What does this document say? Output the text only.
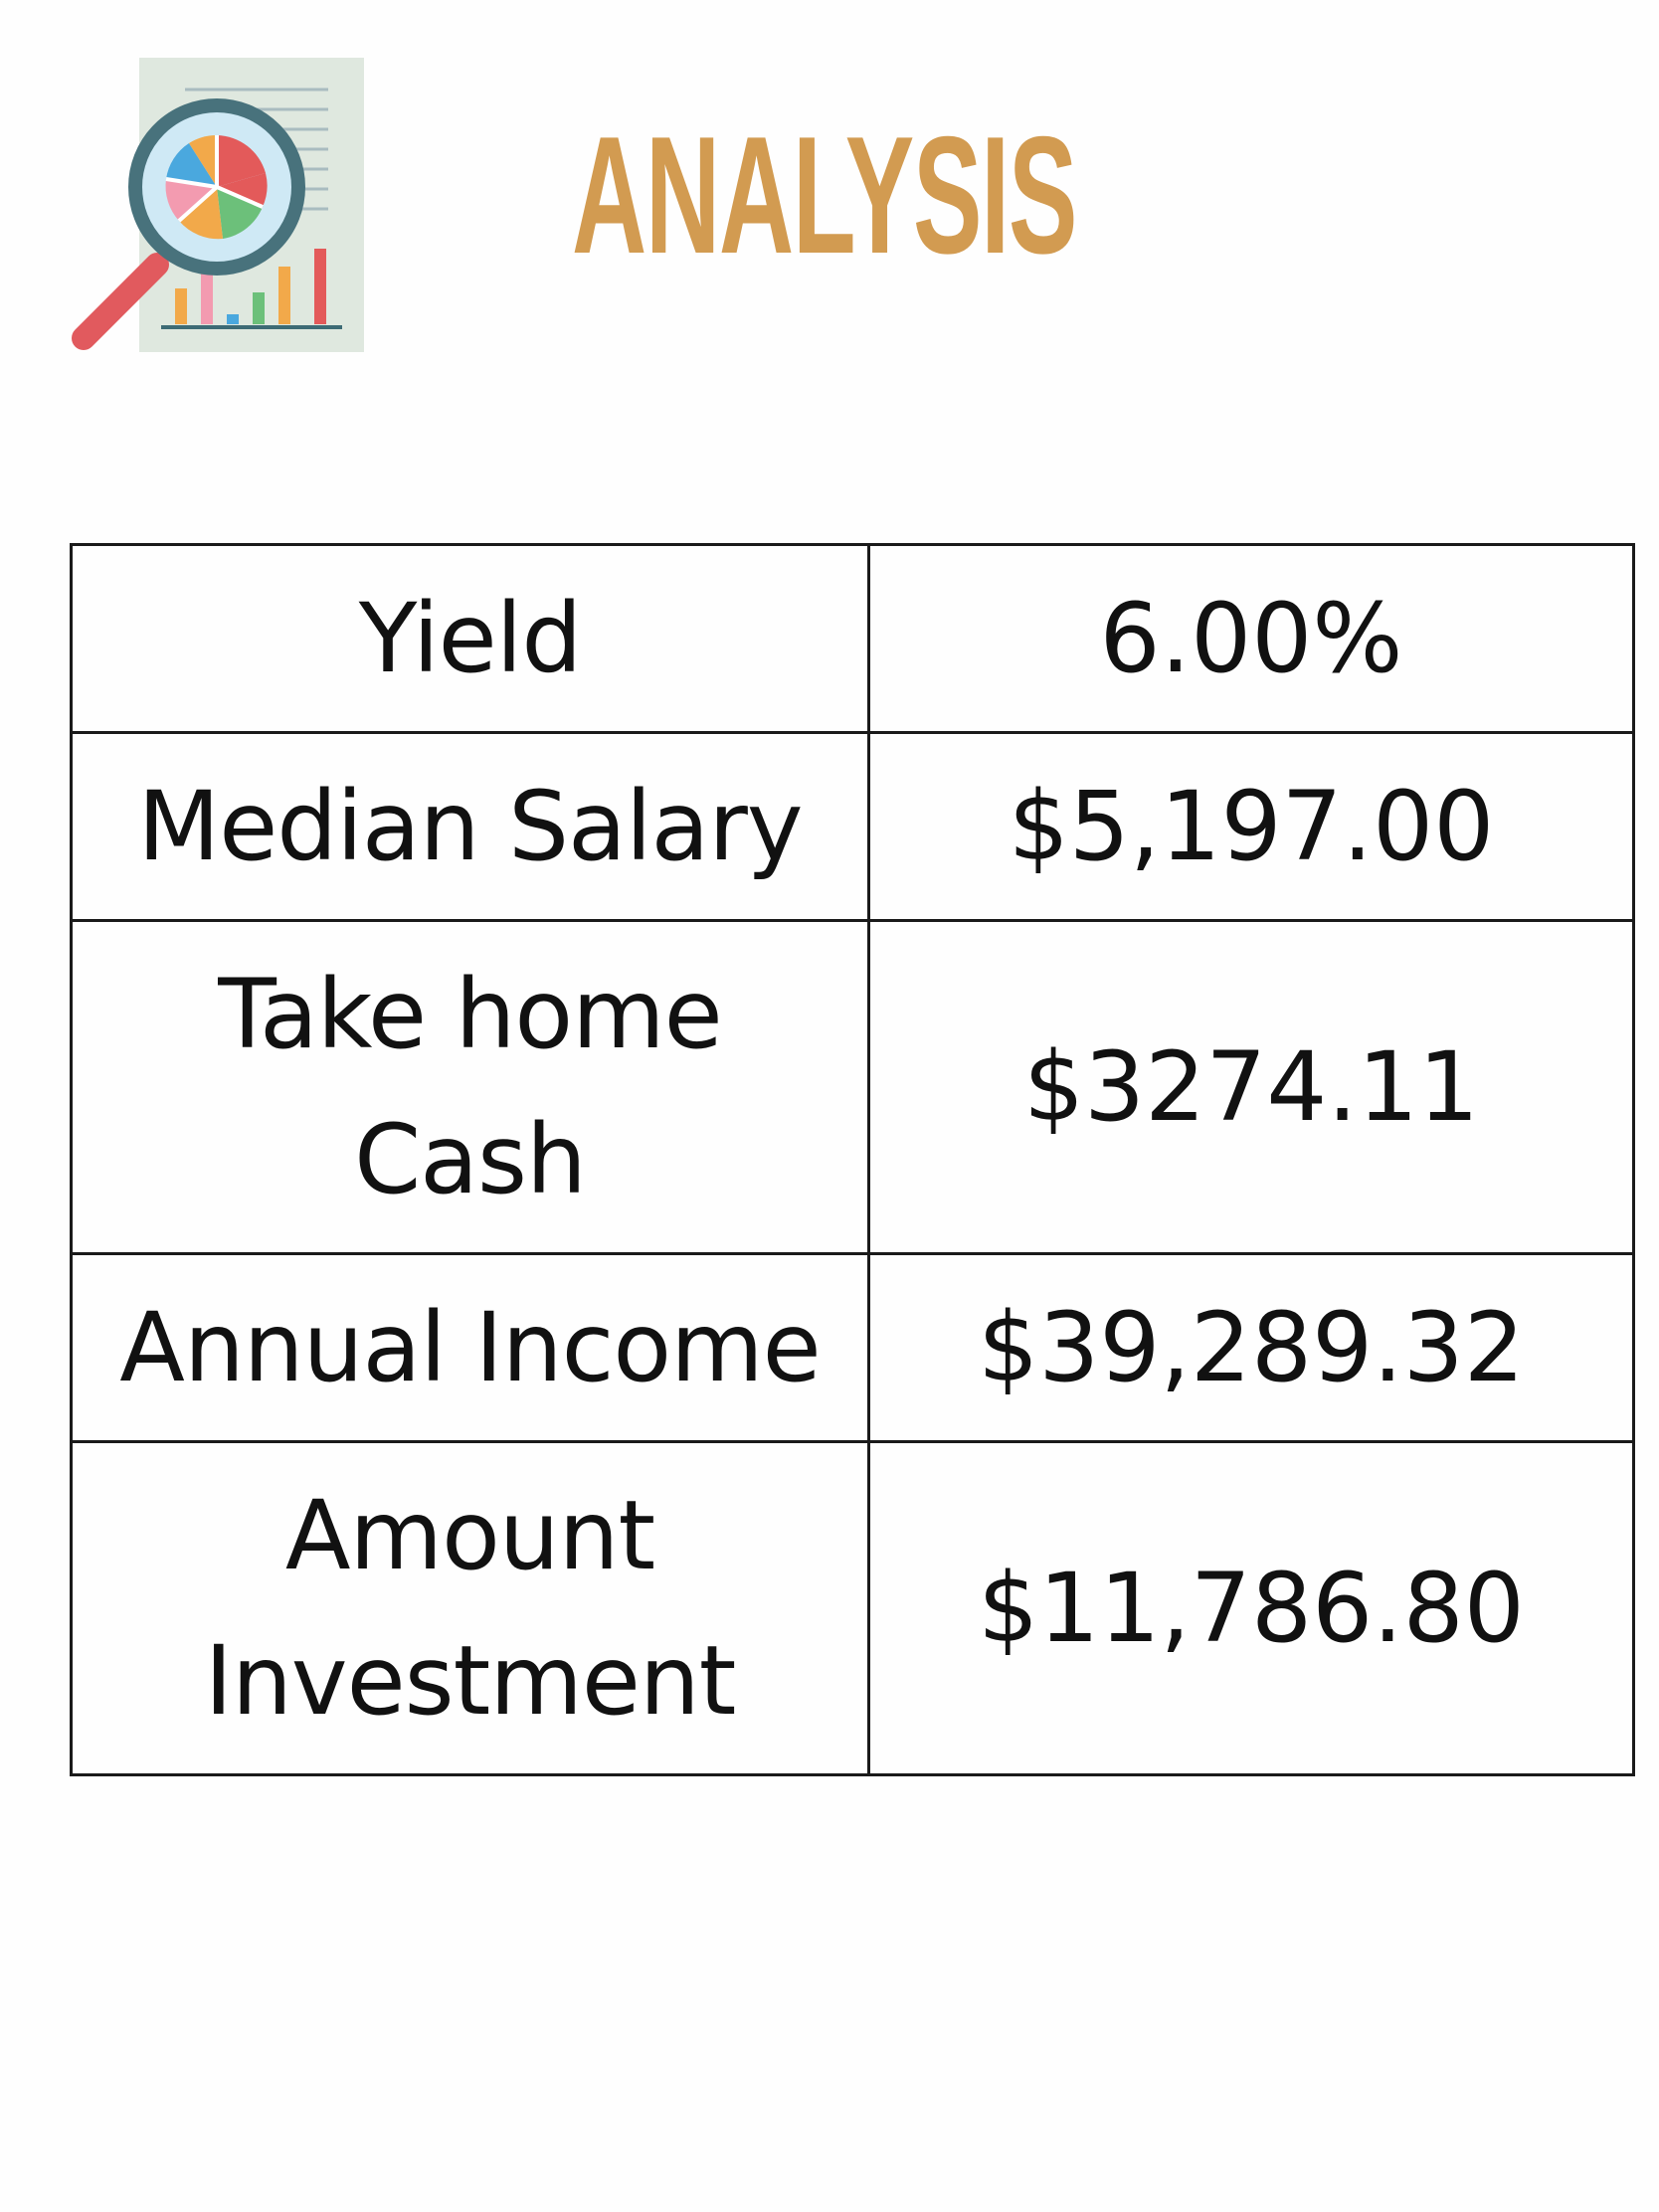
ANALYSIS
Yield	6.00%
Median Salary	$5,197.00
Take home Cash	$3274.11
Annual Income	$39,289.32
Amount Investment	$11,786.80
